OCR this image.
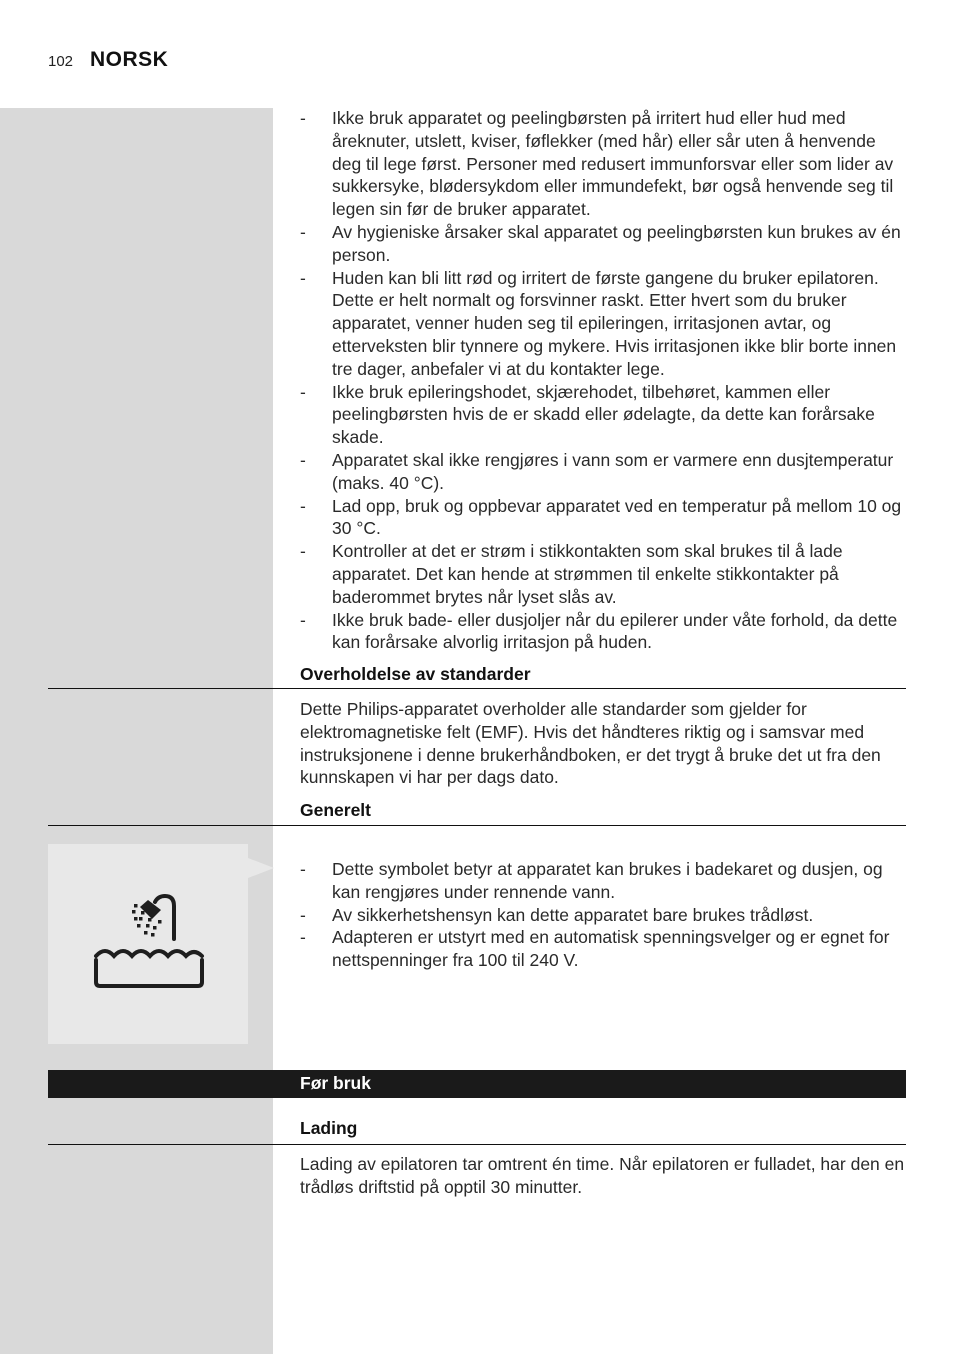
102 NORSK
- Ikke bruk apparatet og peelingbørsten på irritert hud eller hud med åreknuter, utslett, kviser, føflekker (med hår) eller sår uten å henvende deg til lege først. Personer med redusert immunforsvar eller som lider av sukkersyke, blødersykdom eller immundefekt, bør også henvende seg til legen sin før de bruker apparatet.
- Av hygieniske årsaker skal apparatet og peelingbørsten kun brukes av én person.
- Huden kan bli litt rød og irritert de første gangene du bruker epilatoren. Dette er helt normalt og forsvinner raskt. Etter hvert som du bruker apparatet, venner huden seg til epileringen, irritasjonen avtar, og etterveksten blir tynnere og mykere. Hvis irritasjonen ikke blir borte innen tre dager, anbefaler vi at du kontakter lege.
- Ikke bruk epileringshodet, skjærehodet, tilbehøret, kammen eller peelingbørsten hvis de er skadd eller ødelagte, da dette kan forårsake skade.
- Apparatet skal ikke rengjøres i vann som er varmere enn dusjtemperatur (maks. 40 °C).
- Lad opp, bruk og oppbevar apparatet ved en temperatur på mellom 10 og 30 °C.
- Kontroller at det er strøm i stikkontakten som skal brukes til å lade apparatet. Det kan hende at strømmen til enkelte stikkontakter på baderommet brytes når lyset slås av.
- Ikke bruk bade- eller dusjoljer når du epilerer under våte forhold, da dette kan forårsake alvorlig irritasjon på huden.
Overholdelse av standarder

Dette Philips-apparatet overholder alle standarder som gjelder for elektromagnetiske felt (EMF). Hvis det håndteres riktig og i samsvar med instruksjonene i denne brukerhåndboken, er det trygt å bruke det ut fra den kunnskapen vi har per dags dato.

Generelt
- Dette symbolet betyr at apparatet kan brukes i badekaret og dusjen, og kan rengjøres under rennende vann.
- Av sikkerhetshensyn kan dette apparatet bare brukes trådløst.
- Adapteren er utstyrt med en automatisk spenningsvelger og er egnet for nettspenninger fra 100 til 240 V.
Før bruk
Lading

Lading av epilatoren tar omtrent én time. Når epilatoren er fulladet, har den en trådløs driftstid på opptil 30 minutter.
